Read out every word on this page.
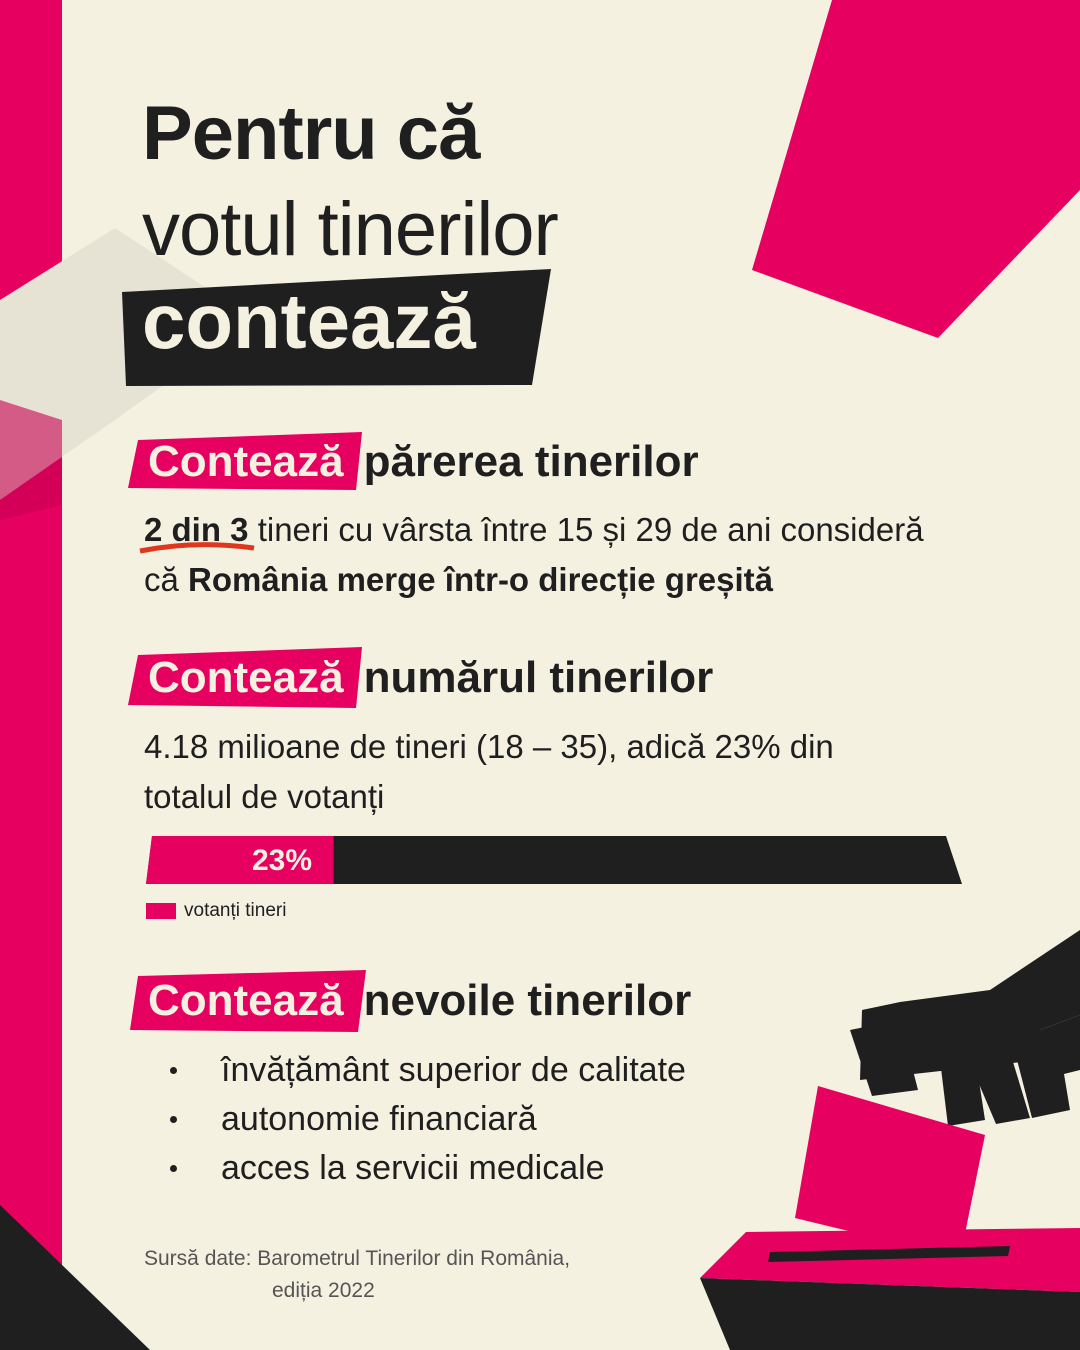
Pentru că
votul tinerilor
contează
Contează părerea tinerilor
2 din 3 tineri cu vârsta între 15 și 29 de ani consideră
că România merge într-o direcție greșită
Contează numărul tinerilor
4.18 milioane de tineri (18 – 35), adică 23% din
totalul de votanți
23%
votanți tineri
Contează nevoile tinerilor
învățământ superior de calitate
autonomie financiară
acces la servicii medicale
Sursă date: Barometrul Tinerilor din România,
ediția 2022
